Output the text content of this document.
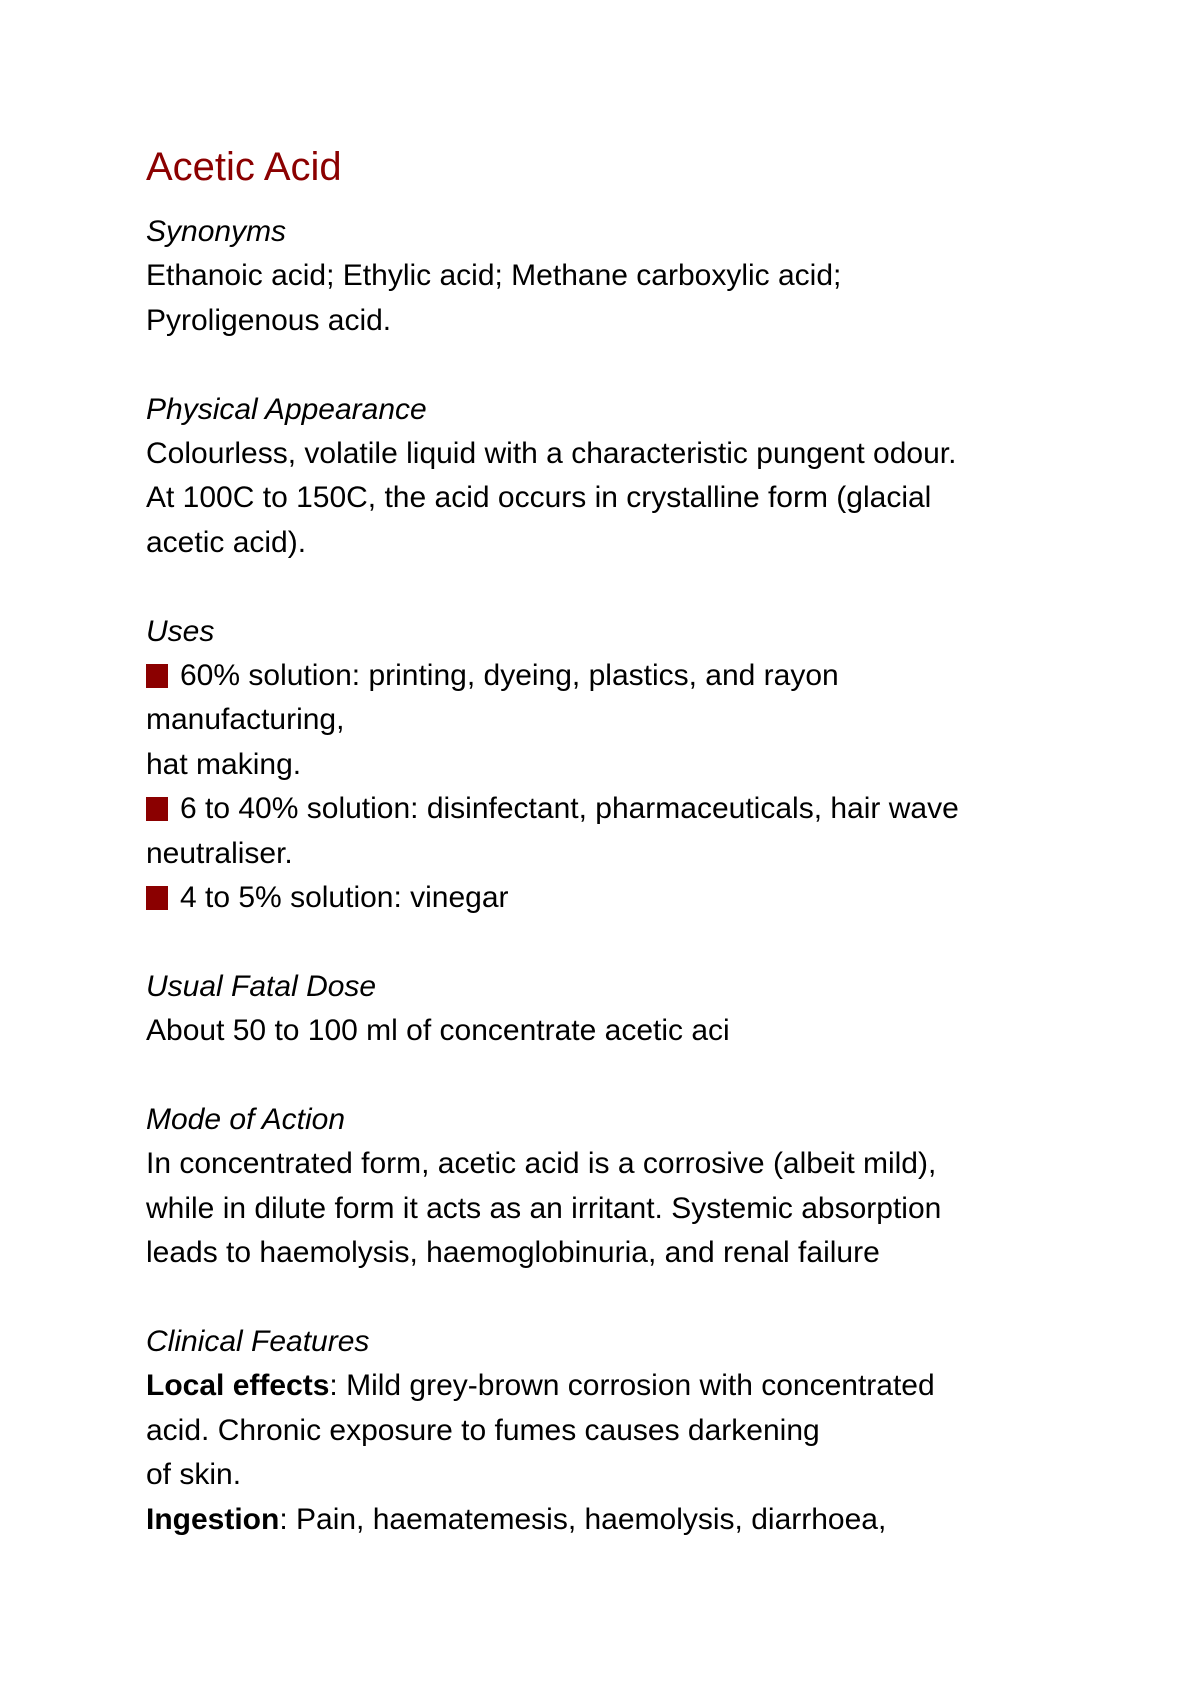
Acetic Acid
Synonyms
Ethanoic acid; Ethylic acid; Methane carboxylic acid;
Pyroligenous acid.
Physical Appearance
Colourless, volatile liquid with a characteristic pungent odour.
At 100C to 150C, the acid occurs in crystalline form (glacial
acetic acid).
Uses
60% solution: printing, dyeing, plastics, and rayon
manufacturing,
hat making.
6 to 40% solution: disinfectant, pharmaceuticals, hair wave
neutraliser.
4 to 5% solution: vinegar
Usual Fatal Dose
About 50 to 100 ml of concentrate acetic aci
Mode of Action
In concentrated form, acetic acid is a corrosive (albeit mild),
while in dilute form it acts as an irritant. Systemic absorption
leads to haemolysis, haemoglobinuria, and renal failure
Clinical Features
Local effects: Mild grey-brown corrosion with concentrated
acid. Chronic exposure to fumes causes darkening
of skin.
Ingestion: Pain, haematemesis, haemolysis, diarrhoea,
